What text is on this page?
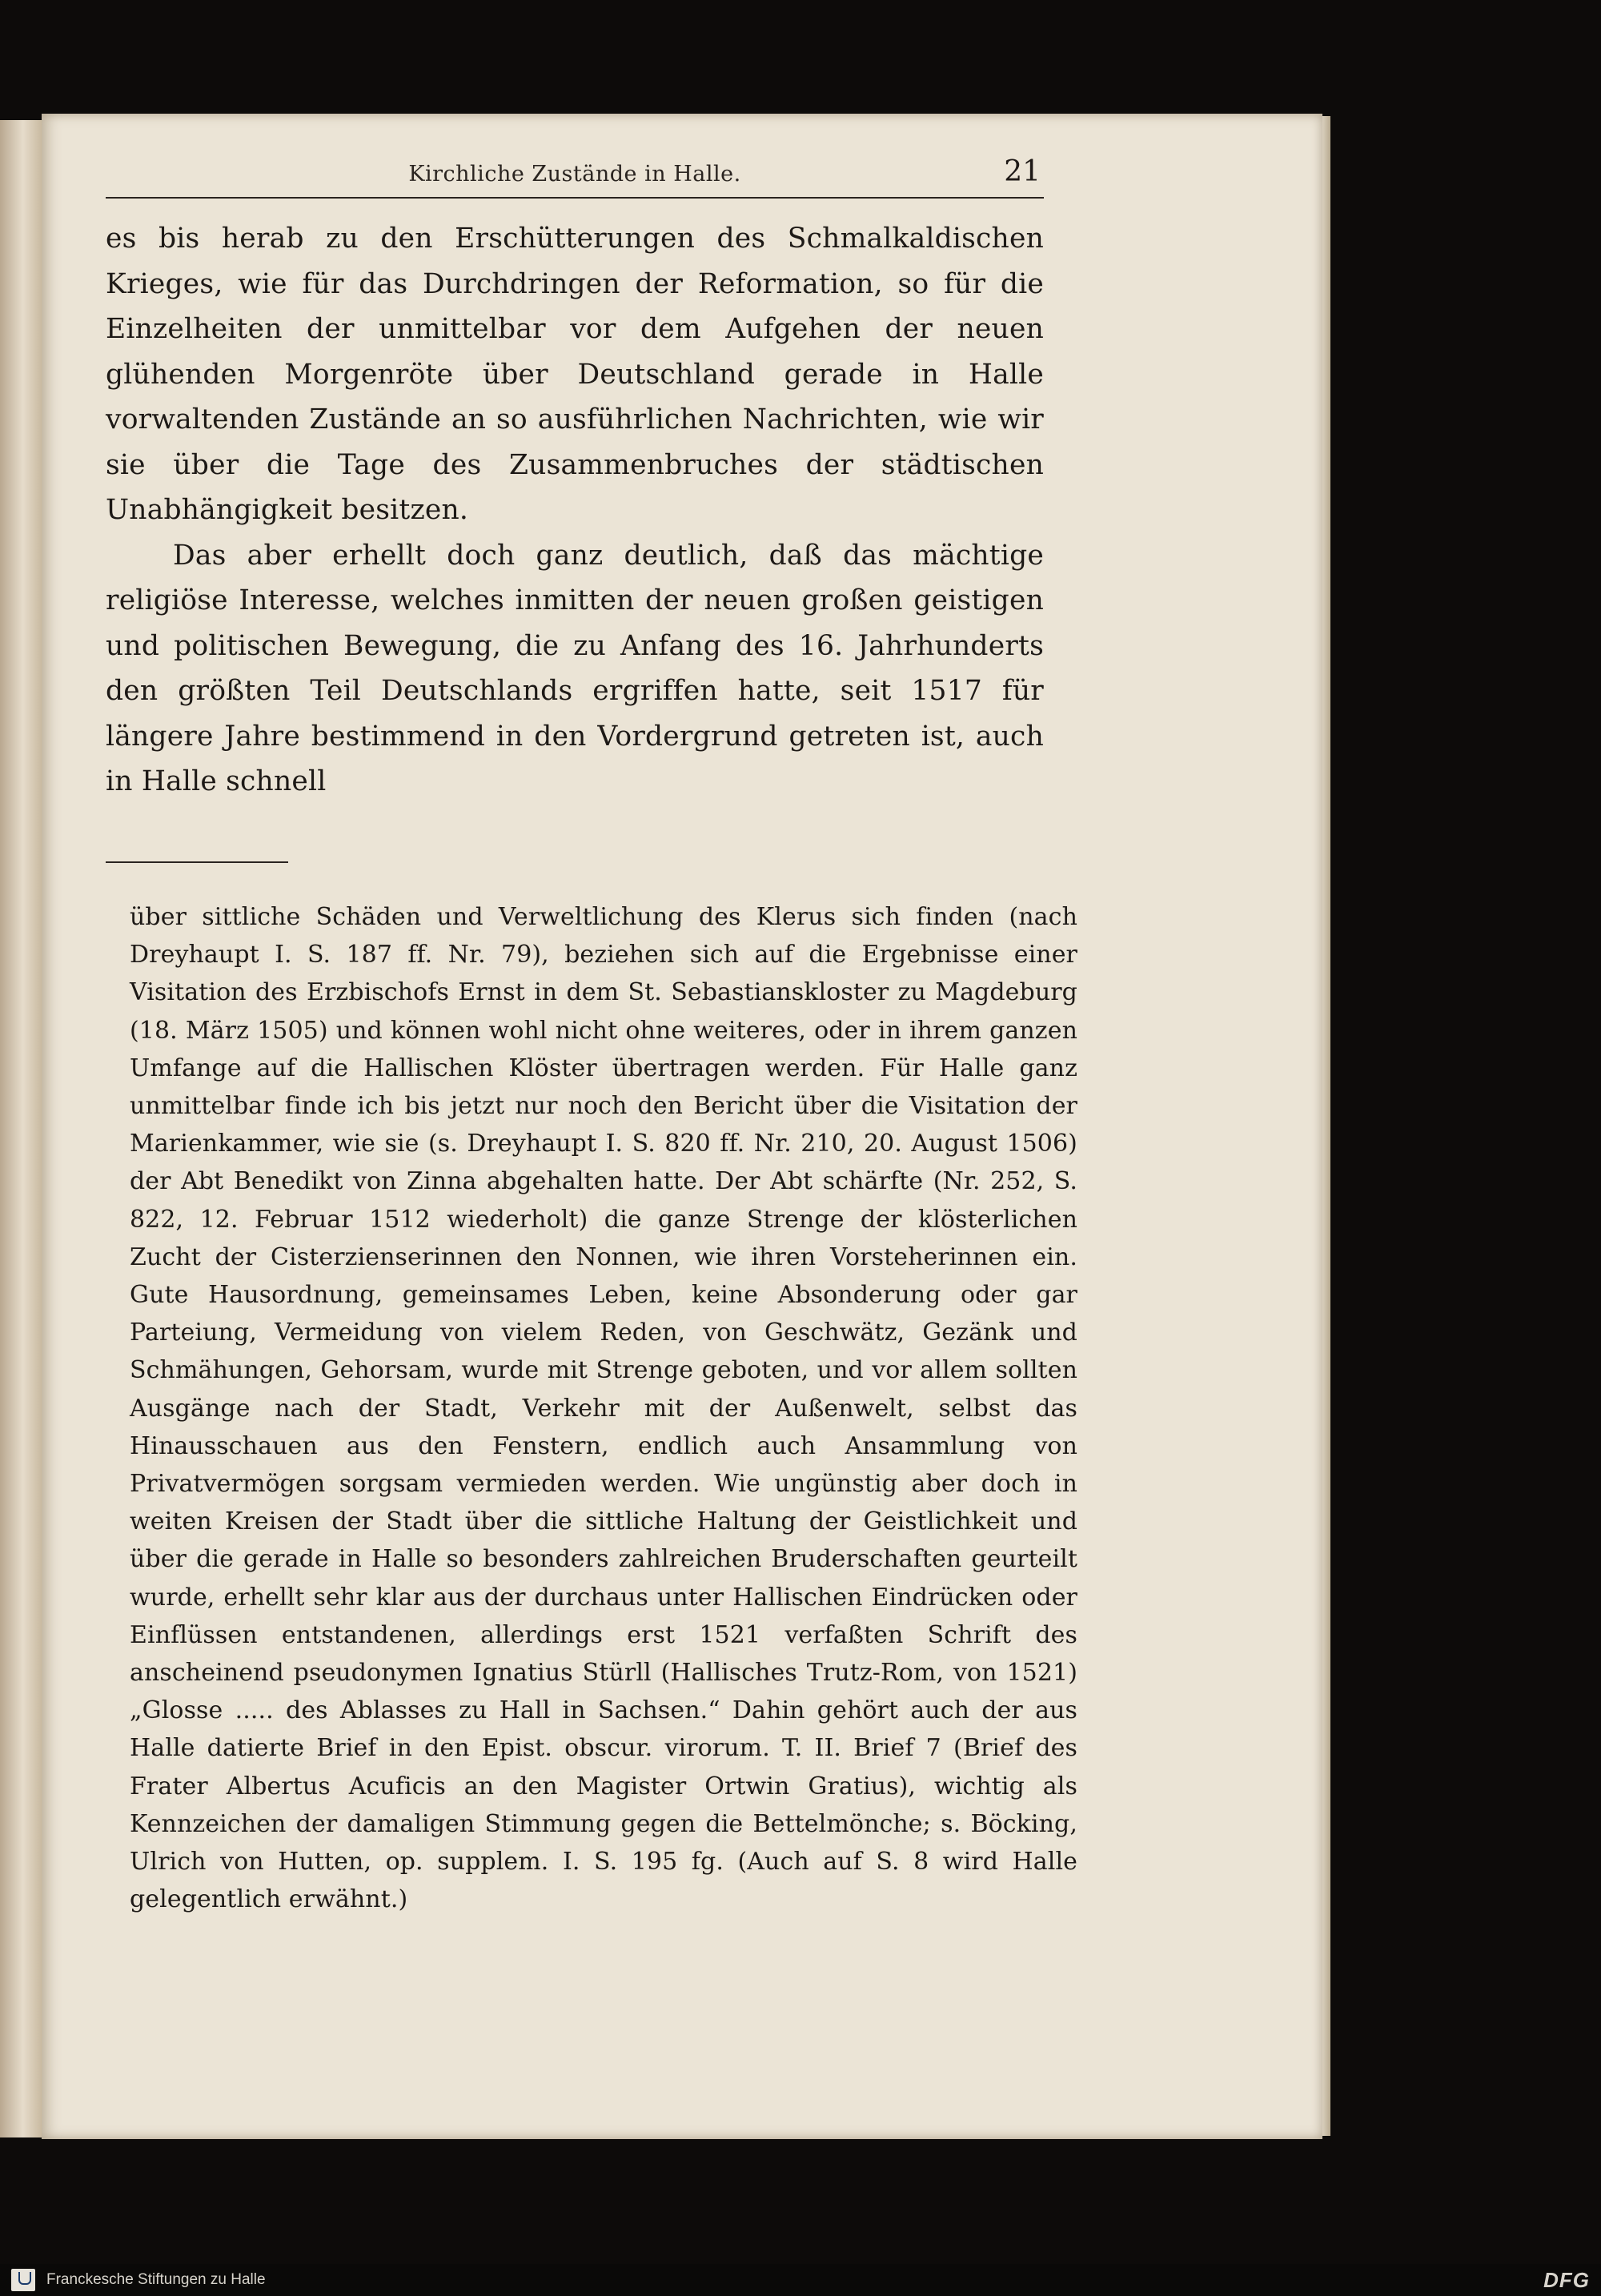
Kirchliche Zustände in Halle.	21

es bis herab zu den Erschütterungen des Schmalkaldischen Krieges, wie für das Durchdringen der Reformation, so für die Einzelheiten der unmittelbar vor dem Aufgehen der neuen glühenden Morgenröte über Deutschland gerade in Halle vorwaltenden Zustände an so ausführlichen Nachrichten, wie wir sie über die Tage des Zusammenbruches der städtischen Unabhängigkeit besitzen.

Das aber erhellt doch ganz deutlich, daß das mächtige religiöse Interesse, welches inmitten der neuen großen geistigen und politischen Bewegung, die zu Anfang des 16. Jahrhunderts den größten Teil Deutschlands ergriffen hatte, seit 1517 für längere Jahre bestimmend in den Vordergrund getreten ist, auch in Halle schnell

über sittliche Schäden und Verweltlichung des Klerus sich finden (nach Dreyhaupt I. S. 187 ff. Nr. 79), beziehen sich auf die Ergebnisse einer Visitation des Erzbischofs Ernst in dem St. Sebastianskloster zu Magdeburg (18. März 1505) und können wohl nicht ohne weiteres, oder in ihrem ganzen Umfange auf die Hallischen Klöster übertragen werden. Für Halle ganz unmittelbar finde ich bis jetzt nur noch den Bericht über die Visitation der Marienkammer, wie sie (s. Dreyhaupt I. S. 820 ff. Nr. 210, 20. August 1506) der Abt Benedikt von Zinna abgehalten hatte. Der Abt schärfte (Nr. 252, S. 822, 12. Februar 1512 wiederholt) die ganze Strenge der klösterlichen Zucht der Cisterzienserinnen den Nonnen, wie ihren Vorsteherinnen ein. Gute Hausordnung, gemeinsames Leben, keine Absonderung oder gar Parteiung, Vermeidung von vielem Reden, von Geschwätz, Gezänk und Schmähungen, Gehorsam, wurde mit Strenge geboten, und vor allem sollten Ausgänge nach der Stadt, Verkehr mit der Außenwelt, selbst das Hinausschauen aus den Fenstern, endlich auch Ansammlung von Privatvermögen sorgsam vermieden werden. Wie ungünstig aber doch in weiten Kreisen der Stadt über die sittliche Haltung der Geistlichkeit und über die gerade in Halle so besonders zahlreichen Bruderschaften geurteilt wurde, erhellt sehr klar aus der durchaus unter Hallischen Eindrücken oder Einflüssen entstandenen, allerdings erst 1521 verfaßten Schrift des anscheinend pseudonymen Ignatius Stürll (Hallisches Trutz-Rom, von 1521) „Glosse ..... des Ablasses zu Hall in Sachsen.“ Dahin gehört auch der aus Halle datierte Brief in den Epist. obscur. virorum. T. II. Brief 7 (Brief des Frater Albertus Acuficis an den Magister Ortwin Gratius), wichtig als Kennzeichen der damaligen Stimmung gegen die Bettelmönche; s. Böcking, Ulrich von Hutten, op. supplem. I. S. 195 fg. (Auch auf S. 8 wird Halle gelegentlich erwähnt.)

Franckesche Stiftungen zu Halle	DFG
